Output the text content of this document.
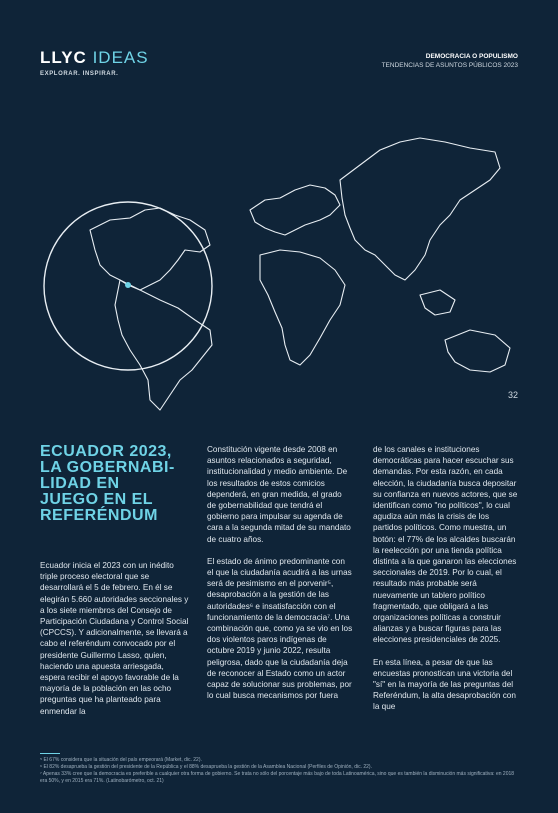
LLYC IDEAS
EXPLORAR. INSPIRAR.
DEMOCRACIA O POPULISMO
TENDENCIAS DE ASUNTOS PÚBLICOS 2023
32
ECUADOR 2023, LA GOBERNABI-LIDAD EN JUEGO EN EL REFERÉNDUM

Ecuador inicia el 2023 con un inédito triple proceso electoral que se desarrollará el 5 de febrero. En él se elegirán 5.660 autoridades seccionales y a los siete miembros del Consejo de Participación Ciudadana y Control Social (CPCCS). Y adicionalmente, se llevará a cabo el referéndum convocado por el presidente Guillermo Lasso, quien, haciendo una apuesta arriesgada, espera recibir el apoyo favorable de la mayoría de la población en las ocho preguntas que ha planteado para enmendar la

Constitución vigente desde 2008 en asuntos relacionados a seguridad, institucionalidad y medio ambiente. De los resultados de estos comicios dependerá, en gran medida, el grado de gobernabilidad que tendrá el gobierno para impulsar su agenda de cara a la segunda mitad de su mandato de cuatro años.

El estado de ánimo predominante con el que la ciudadanía acudirá a las urnas será de pesimismo en el porvenir⁵, desaprobación a la gestión de las autoridades⁶ e insatisfacción con el funcionamiento de la democracia⁷. Una combinación que, como ya se vio en los dos violentos paros indígenas de octubre 2019 y junio 2022, resulta peligrosa, dado que la ciudadanía deja de reconocer al Estado como un actor capaz de solucionar sus problemas, por lo cual busca mecanismos por fuera

de los canales e instituciones democráticas para hacer escuchar sus demandas. Por esta razón, en cada elección, la ciudadanía busca depositar su confianza en nuevos actores, que se identifican como "no políticos", lo cual agudiza aún más la crisis de los partidos políticos. Como muestra, un botón: el 77% de los alcaldes buscarán la reelección por una tienda política distinta a la que ganaron las elecciones seccionales de 2019. Por lo cual, el resultado más probable será nuevamente un tablero político fragmentado, que obligará a las organizaciones políticas a construir alianzas y a buscar figuras para las elecciones presidenciales de 2025.

En esta línea, a pesar de que las encuestas pronostican una victoria del "sí" en la mayoría de las preguntas del Referéndum, la alta desaprobación con la que

⁵ El 67% considera que la situación del país empeorará (Market, dic. 22).
⁶ El 82% desaprueba la gestión del presidente de la República y el 88% desaprueba la gestión de la Asamblea Nacional (Perfiles de Opinión, dic. 22).
⁷ Apenas 33% cree que la democracia es preferible a cualquier otra forma de gobierno. Se trata no sólo del porcentaje más bajo de toda Latinoamérica, sino que es también la disminución más significativa: en 2018 era 50%, y en 2015 era 71%. (Latinobarómetro, oct. 21)
